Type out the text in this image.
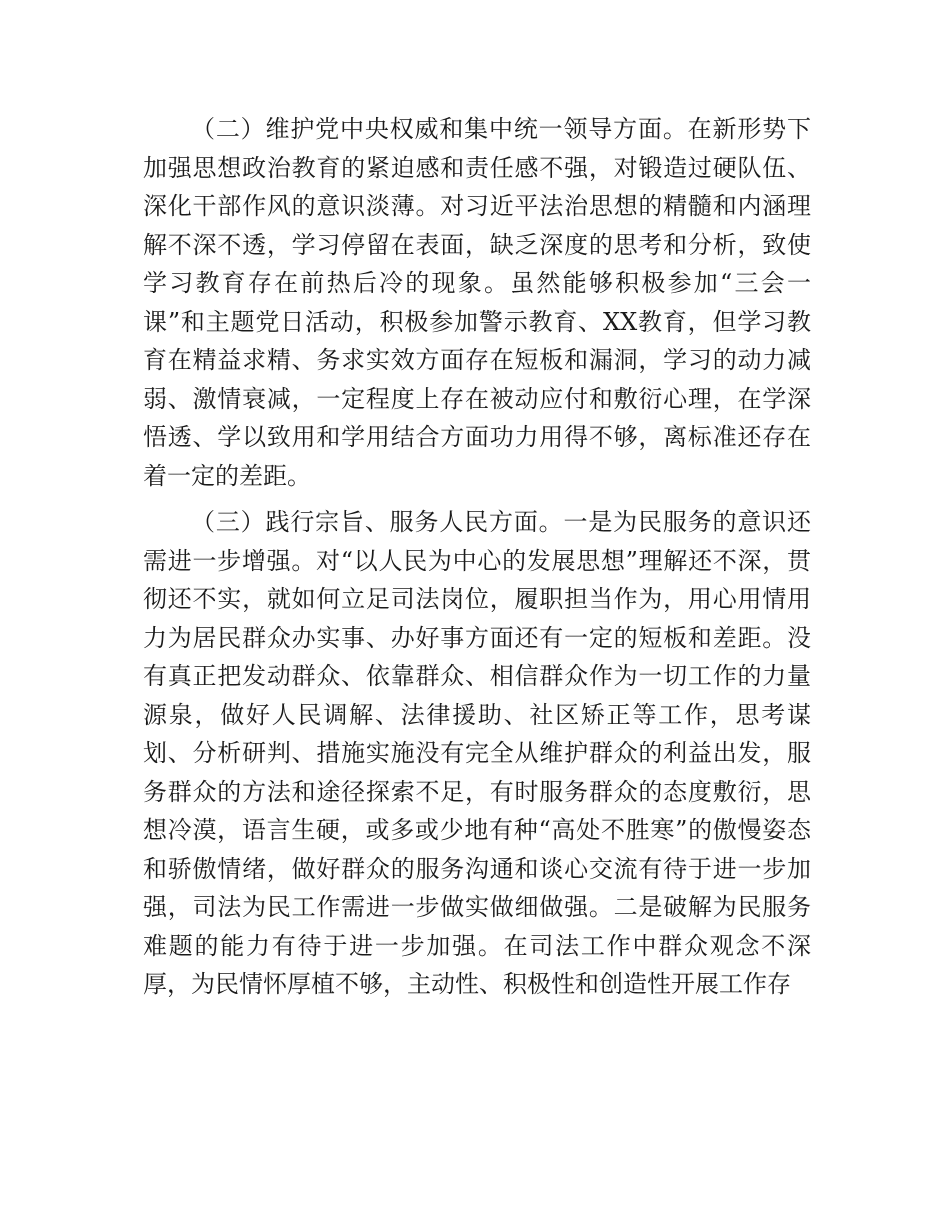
（二）维护党中央权威和集中统一领导方面。在新形势下加强思想政治教育的紧迫感和责任感不强，对锻造过硬队伍、深化干部作风的意识淡薄。对习近平法治思想的精髓和内涵理解不深不透，学习停留在表面，缺乏深度的思考和分析，致使学习教育存在前热后冷的现象。虽然能够积极参加“三会一课”和主题党日活动，积极参加警示教育、XX教育，但学习教育在精益求精、务求实效方面存在短板和漏洞，学习的动力减弱、激情衰减，一定程度上存在被动应付和敷衍心理，在学深悟透、学以致用和学用结合方面功力用得不够，离标准还存在着一定的差距。

（三）践行宗旨、服务人民方面。一是为民服务的意识还需进一步增强。对“以人民为中心的发展思想”理解还不深，贯彻还不实，就如何立足司法岗位，履职担当作为，用心用情用力为居民群众办实事、办好事方面还有一定的短板和差距。没有真正把发动群众、依靠群众、相信群众作为一切工作的力量源泉，做好人民调解、法律援助、社区矫正等工作，思考谋划、分析研判、措施实施没有完全从维护群众的利益出发，服务群众的方法和途径探索不足，有时服务群众的态度敷衍，思想冷漠，语言生硬，或多或少地有种“高处不胜寒”的傲慢姿态和骄傲情绪，做好群众的服务沟通和谈心交流有待于进一步加强，司法为民工作需进一步做实做细做强。二是破解为民服务难题的能力有待于进一步加强。在司法工作中群众观念不深厚，为民情怀厚植不够，主动性、积极性和创造性开展工作存
